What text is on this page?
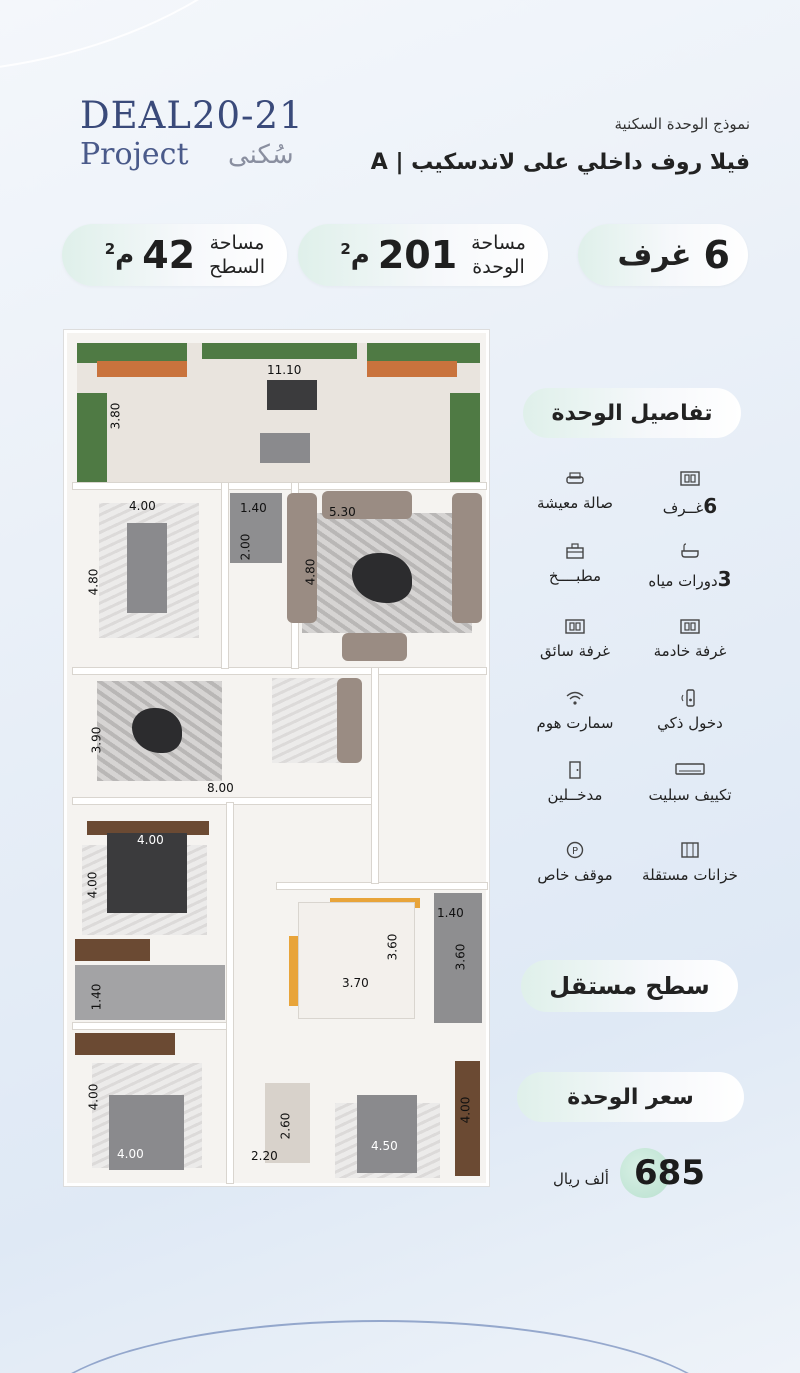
DEAL20-21
Project سُكنى
نموذج الوحدة السكنية
فيلا روف داخلي على لاندسكيب | A
6
غرف
مساحة
الوحدة
201
م$^2$
مساحة
السطح
42
م$^2$
11.10
3.80
4.00
4.80
1.40
2.00
5.30
4.80
3.90
8.00
4.00
4.00
1.40
3.60
3.70
1.40
3.60
4.00
4.00
2.60
2.20
4.50
4.00
تفاصيل الوحدة
6غــرف
صالة معيشة
3دورات مياه
مطبــــخ
غرفة خادمة
غرفة سائق
دخول ذكي
سمارت هوم
تكييف سبليت
مدخــلين
خزانات مستقلة
P
موقف خاص
سطح مستقل
سعر الوحدة
685
ألف ريال
